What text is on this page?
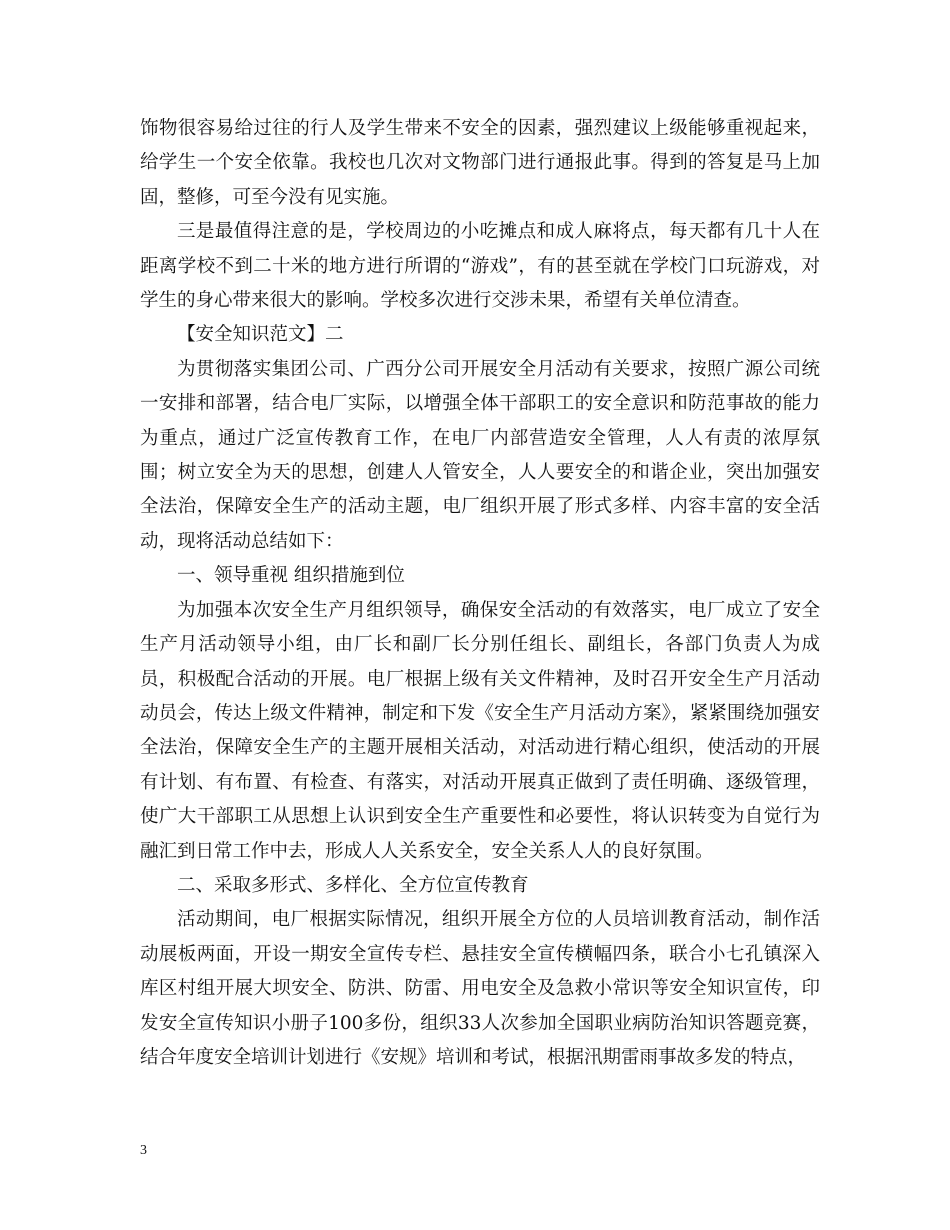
饰物很容易给过往的行人及学生带来不安全的因素，强烈建议上级能够重视起来，给学生一个安全依靠。我校也几次对文物部门进行通报此事。得到的答复是马上加固，整修，可至今没有见实施。

三是最值得注意的是，学校周边的小吃摊点和成人麻将点，每天都有几十人在距离学校不到二十米的地方进行所谓的“游戏”，有的甚至就在学校门口玩游戏，对学生的身心带来很大的影响。学校多次进行交涉未果，希望有关单位清查。

【安全知识范文】二

为贯彻落实集团公司、广西分公司开展安全月活动有关要求，按照广源公司统一安排和部署，结合电厂实际，以增强全体干部职工的安全意识和防范事故的能力为重点，通过广泛宣传教育工作，在电厂内部营造安全管理，人人有责的浓厚氛围；树立安全为天的思想，创建人人管安全，人人要安全的和谐企业，突出加强安全法治，保障安全生产的活动主题，电厂组织开展了形式多样、内容丰富的安全活动，现将活动总结如下：

一、领导重视 组织措施到位

为加强本次安全生产月组织领导，确保安全活动的有效落实，电厂成立了安全生产月活动领导小组，由厂长和副厂长分别任组长、副组长，各部门负责人为成员，积极配合活动的开展。电厂根据上级有关文件精神，及时召开安全生产月活动动员会，传达上级文件精神，制定和下发《安全生产月活动方案》，紧紧围绕加强安全法治，保障安全生产的主题开展相关活动，对活动进行精心组织，使活动的开展有计划、有布置、有检查、有落实，对活动开展真正做到了责任明确、逐级管理，使广大干部职工从思想上认识到安全生产重要性和必要性，将认识转变为自觉行为融汇到日常工作中去，形成人人关系安全，安全关系人人的良好氛围。

二、采取多形式、多样化、全方位宣传教育

活动期间，电厂根据实际情况，组织开展全方位的人员培训教育活动，制作活动展板两面，开设一期安全宣传专栏、悬挂安全宣传横幅四条，联合小七孔镇深入库区村组开展大坝安全、防洪、防雷、用电安全及急救小常识等安全知识宣传，印发安全宣传知识小册子100多份，组织33人次参加全国职业病防治知识答题竞赛，结合年度安全培训计划进行《安规》培训和考试，根据汛期雷雨事故多发的特点，

3
